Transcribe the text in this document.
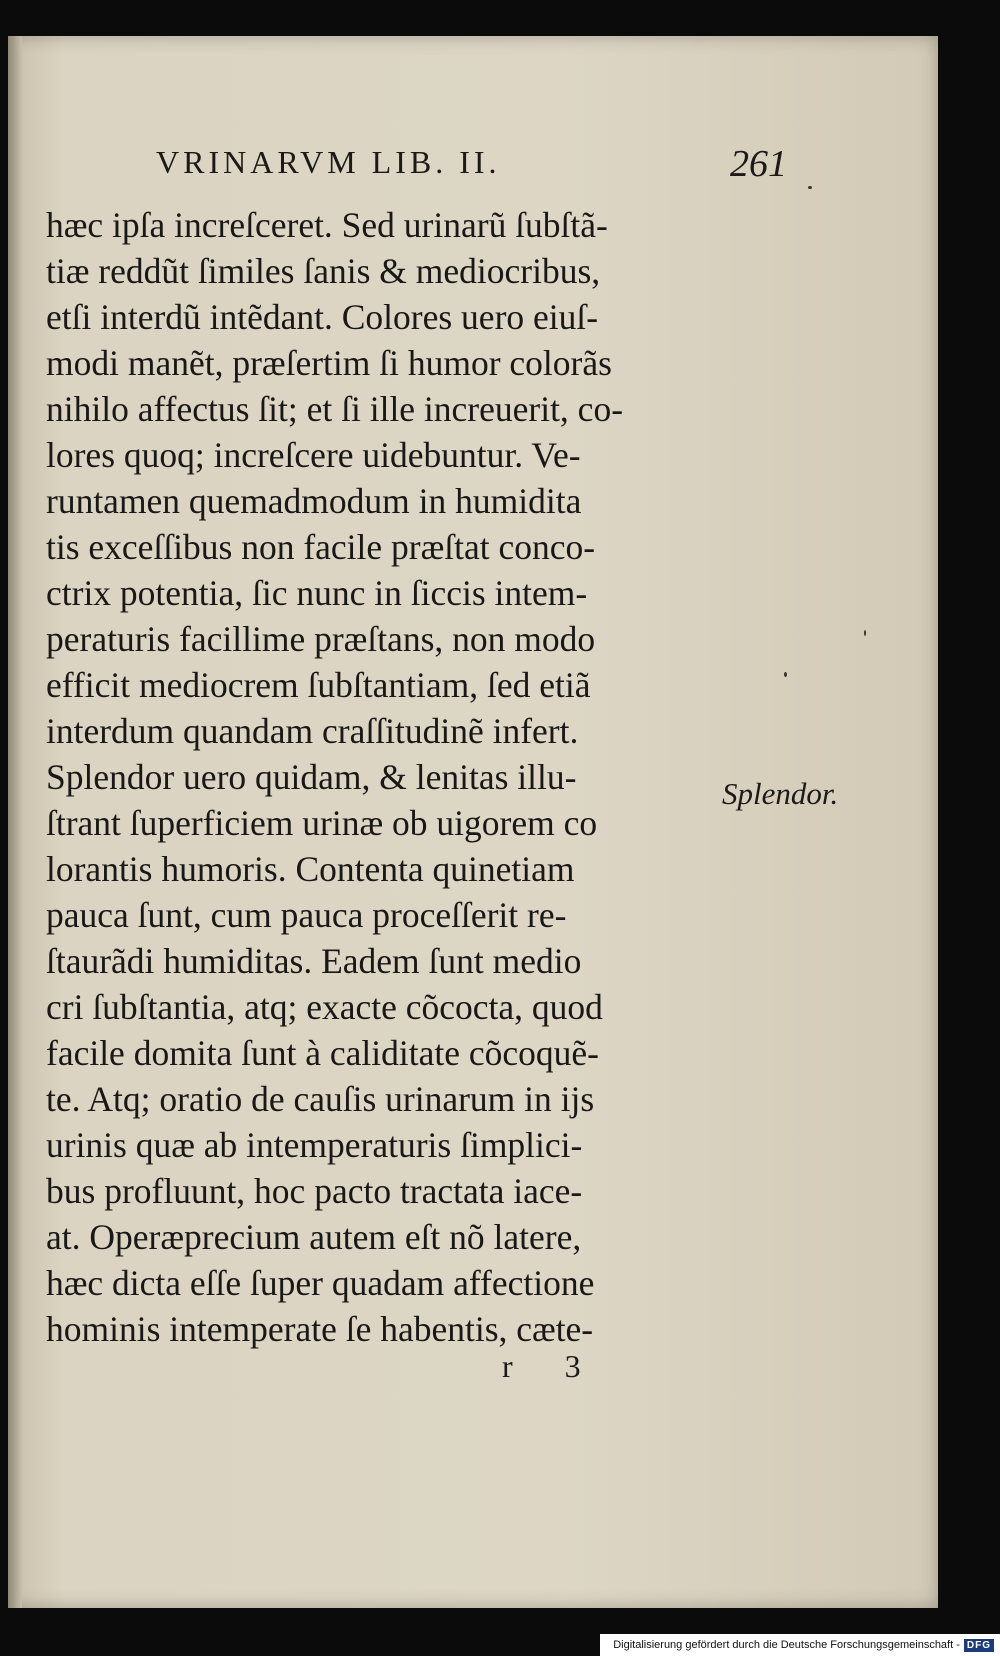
VRINARVM LIB. II.	261
hæc ipſa increſceret. Sed urinarũ ſubſtã-
tiæ reddũt ſimiles ſanis & mediocribus,
etſi interdũ intẽdant. Colores uero eiuſ-
modi manẽt, præſertim ſi humor colorãs
nihilo affectus ſit; et ſi ille increuerit, co-
lores quoq; increſcere uidebuntur. Ve-
runtamen quemadmodum in humidita
tis exceſſibus non facile præſtat conco-
ctrix potentia, ſic nunc in ſiccis intem-
peraturis facillime præſtans, non modo
efficit mediocrem ſubſtantiam, ſed etiã
interdum quandam craſſitudinẽ infert.
Splendor uero quidam, & lenitas illu-
ſtrant ſuperficiem urinæ ob uigorem co
lorantis humoris. Contenta quinetiam
pauca ſunt, cum pauca proceſſerit re-
ſtaurãdi humiditas. Eadem ſunt medio
cri ſubſtantia, atq; exacte cõcocta, quod
facile domita ſunt à caliditate cõcoquẽ-
te. Atq; oratio de cauſis urinarum in ijs
urinis quæ ab intemperaturis ſimplici-
bus profluunt, hoc pacto tractata iace-
at. Operæprecium autem eſt nõ latere,
hæc dicta eſſe ſuper quadam affectione
hominis intemperate ſe habentis, cæte-
Splendor.
r 3
Digitalisierung gefördert durch die Deutsche Forschungsgemeinschaft - DFG
